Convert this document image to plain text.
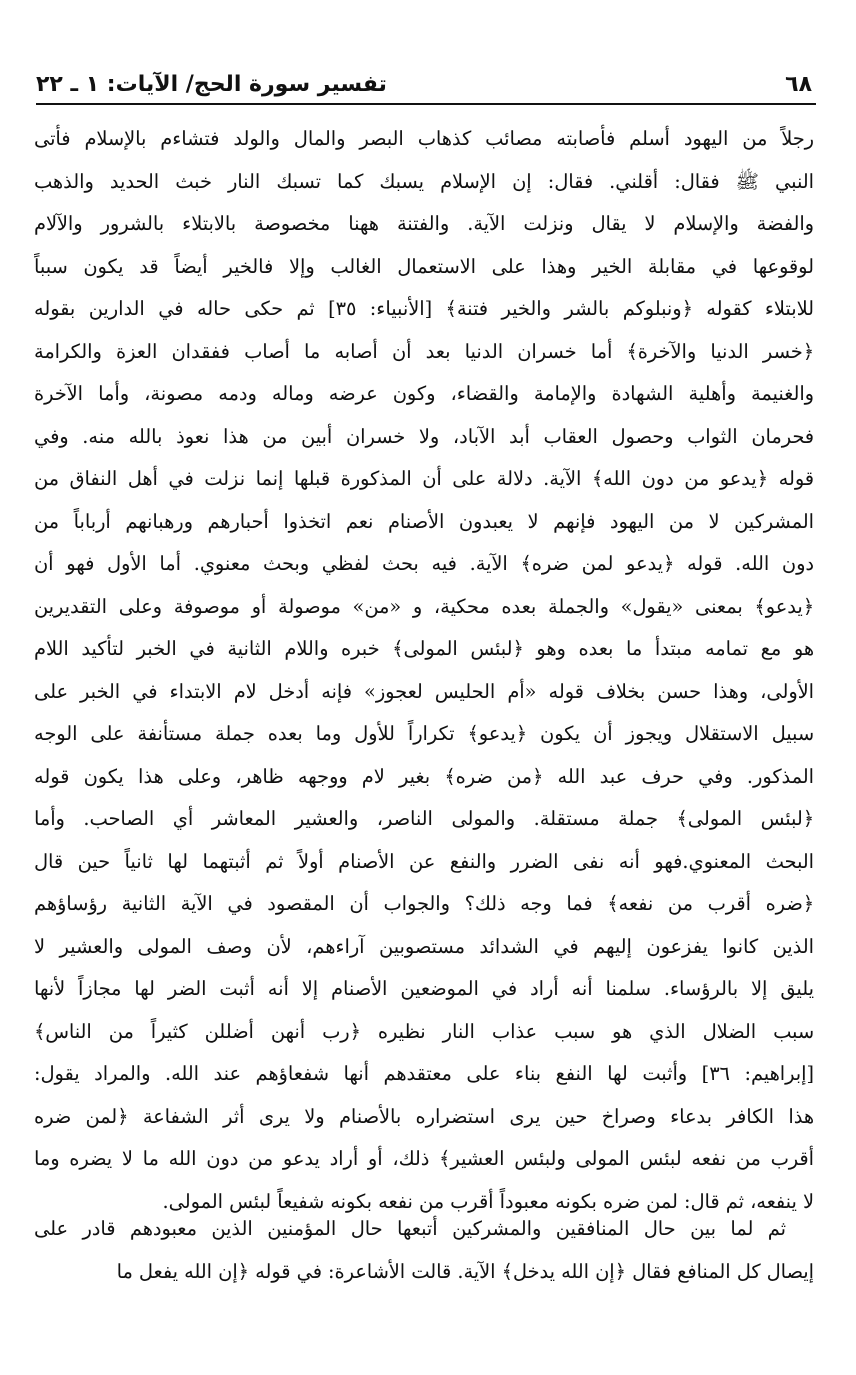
٦٨
تفسير سورة الحج/ الآيات: ١ ـ ٢٢
رجلاً من اليهود أسلم فأصابته مصائب كذهاب البصر والمال والولد فتشاءم بالإسلام فأتى
النبي ﷺ فقال: أقلني. فقال: إن الإسلام يسبك كما تسبك النار خبث الحديد والذهب
والفضة والإسلام لا يقال ونزلت الآية. والفتنة ههنا مخصوصة بالابتلاء بالشرور والآلام
لوقوعها في مقابلة الخير وهذا على الاستعمال الغالب وإلا فالخير أيضاً قد يكون سبباً
للابتلاء كقوله ﴿ونبلوكم بالشر والخير فتنة﴾ [الأنبياء: ٣٥] ثم حكى حاله في الدارين بقوله
﴿خسر الدنيا والآخرة﴾ أما خسران الدنيا بعد أن أصابه ما أصاب ففقدان العزة والكرامة
والغنيمة وأهلية الشهادة والإمامة والقضاء، وكون عرضه وماله ودمه مصونة، وأما الآخرة
فحرمان الثواب وحصول العقاب أبد الآباد، ولا خسران أبين من هذا نعوذ بالله منه. وفي
قوله ﴿يدعو من دون الله﴾ الآية. دلالة على أن المذكورة قبلها إنما نزلت في أهل النفاق من
المشركين لا من اليهود فإنهم لا يعبدون الأصنام نعم اتخذوا أحبارهم ورهبانهم أرباباً من
دون الله. قوله ﴿يدعو لمن ضره﴾ الآية. فيه بحث لفظي وبحث معنوي. أما الأول فهو أن
﴿يدعو﴾ بمعنى «يقول» والجملة بعده محكية، و «من» موصولة أو موصوفة وعلى التقديرين
هو مع تمامه مبتدأ ما بعده وهو ﴿لبئس المولى﴾ خبره واللام الثانية في الخبر لتأكيد اللام
الأولى، وهذا حسن بخلاف قوله «أم الحليس لعجوز» فإنه أدخل لام الابتداء في الخبر على
سبيل الاستقلال ويجوز أن يكون ﴿يدعو﴾ تكراراً للأول وما بعده جملة مستأنفة على الوجه
المذكور. وفي حرف عبد الله ﴿من ضره﴾ بغير لام ووجهه ظاهر، وعلى هذا يكون قوله
﴿لبئس المولى﴾ جملة مستقلة. والمولى الناصر، والعشير المعاشر أي الصاحب. وأما
البحث المعنوي.فهو أنه نفى الضرر والنفع عن الأصنام أولاً ثم أثبتهما لها ثانياً حين قال
﴿ضره أقرب من نفعه﴾ فما وجه ذلك؟ والجواب أن المقصود في الآية الثانية رؤساؤهم
الذين كانوا يفزعون إليهم في الشدائد مستصوبين آراءهم، لأن وصف المولى والعشير لا
يليق إلا بالرؤساء. سلمنا أنه أراد في الموضعين الأصنام إلا أنه أثبت الضر لها مجازاً لأنها
سبب الضلال الذي هو سبب عذاب النار نظيره ﴿رب أنهن أضللن كثيراً من الناس﴾
[إبراهيم: ٣٦] وأثبت لها النفع بناء على معتقدهم أنها شفعاؤهم عند الله. والمراد يقول:
هذا الكافر بدعاء وصراخ حين يرى استضراره بالأصنام ولا يرى أثر الشفاعة ﴿لمن ضره
أقرب من نفعه لبئس المولى ولبئس العشير﴾ ذلك، أو أراد يدعو من دون الله ما لا يضره وما
لا ينفعه، ثم قال: لمن ضره بكونه معبوداً أقرب من نفعه بكونه شفيعاً لبئس المولى.
ثم لما بين حال المنافقين والمشركين أتبعها حال المؤمنين الذين معبودهم قادر على
إيصال كل المنافع فقال ﴿إن الله يدخل﴾ الآية. قالت الأشاعرة: في قوله ﴿إن الله يفعل ما
